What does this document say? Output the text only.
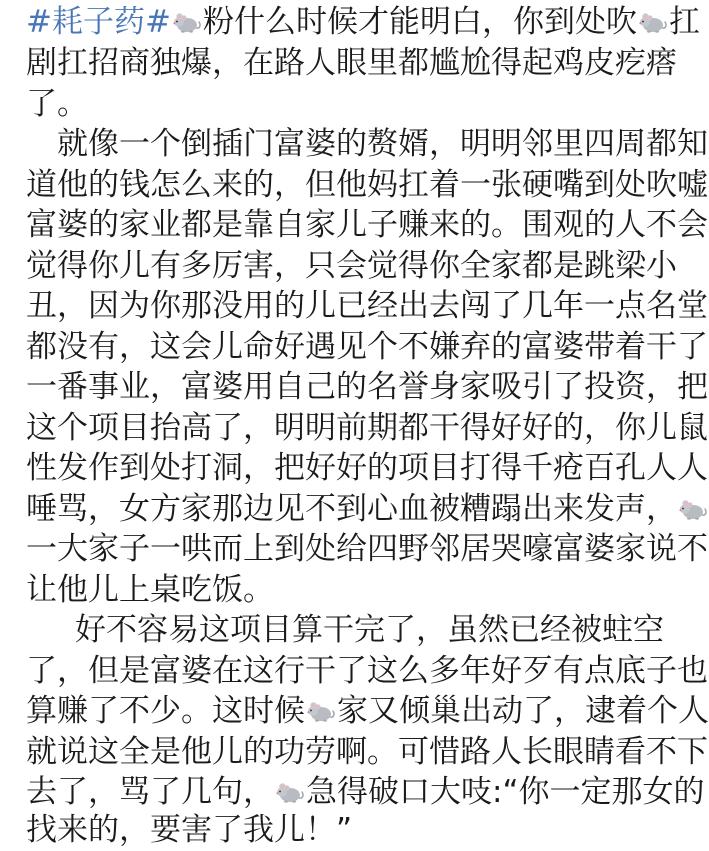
#耗子药# 粉什么时候才能明白，你到处吹 扛
剧扛招商独爆，在路人眼里都尴尬得起鸡皮疙瘩
了。
就像一个倒插门富婆的赘婿，明明邻里四周都知
道他的钱怎么来的，但他妈扛着一张硬嘴到处吹嘘
富婆的家业都是靠自家儿子赚来的。围观的人不会
觉得你儿有多厉害，只会觉得你全家都是跳梁小
丑，因为你那没用的儿已经出去闯了几年一点名堂
都没有，这会儿命好遇见个不嫌弃的富婆带着干了
一番事业，富婆用自己的名誉身家吸引了投资，把
这个项目抬高了，明明前期都干得好好的，你儿鼠
性发作到处打洞，把好好的项目打得千疮百孔人人
唾骂，女方家那边见不到心血被糟蹋出来发声，
一大家子一哄而上到处给四野邻居哭嚎富婆家说不
让他儿上桌吃饭。
好不容易这项目算干完了，虽然已经被蛀空
了，但是富婆在这行干了这么多年好歹有点底子也
算赚了不少。这时候 家又倾巢出动了，逮着个人
就说这全是他儿的功劳啊。可惜路人长眼睛看不下
去了，骂了几句， 急得破口大吱:“你一定那女的
找来的，要害了我儿！”
